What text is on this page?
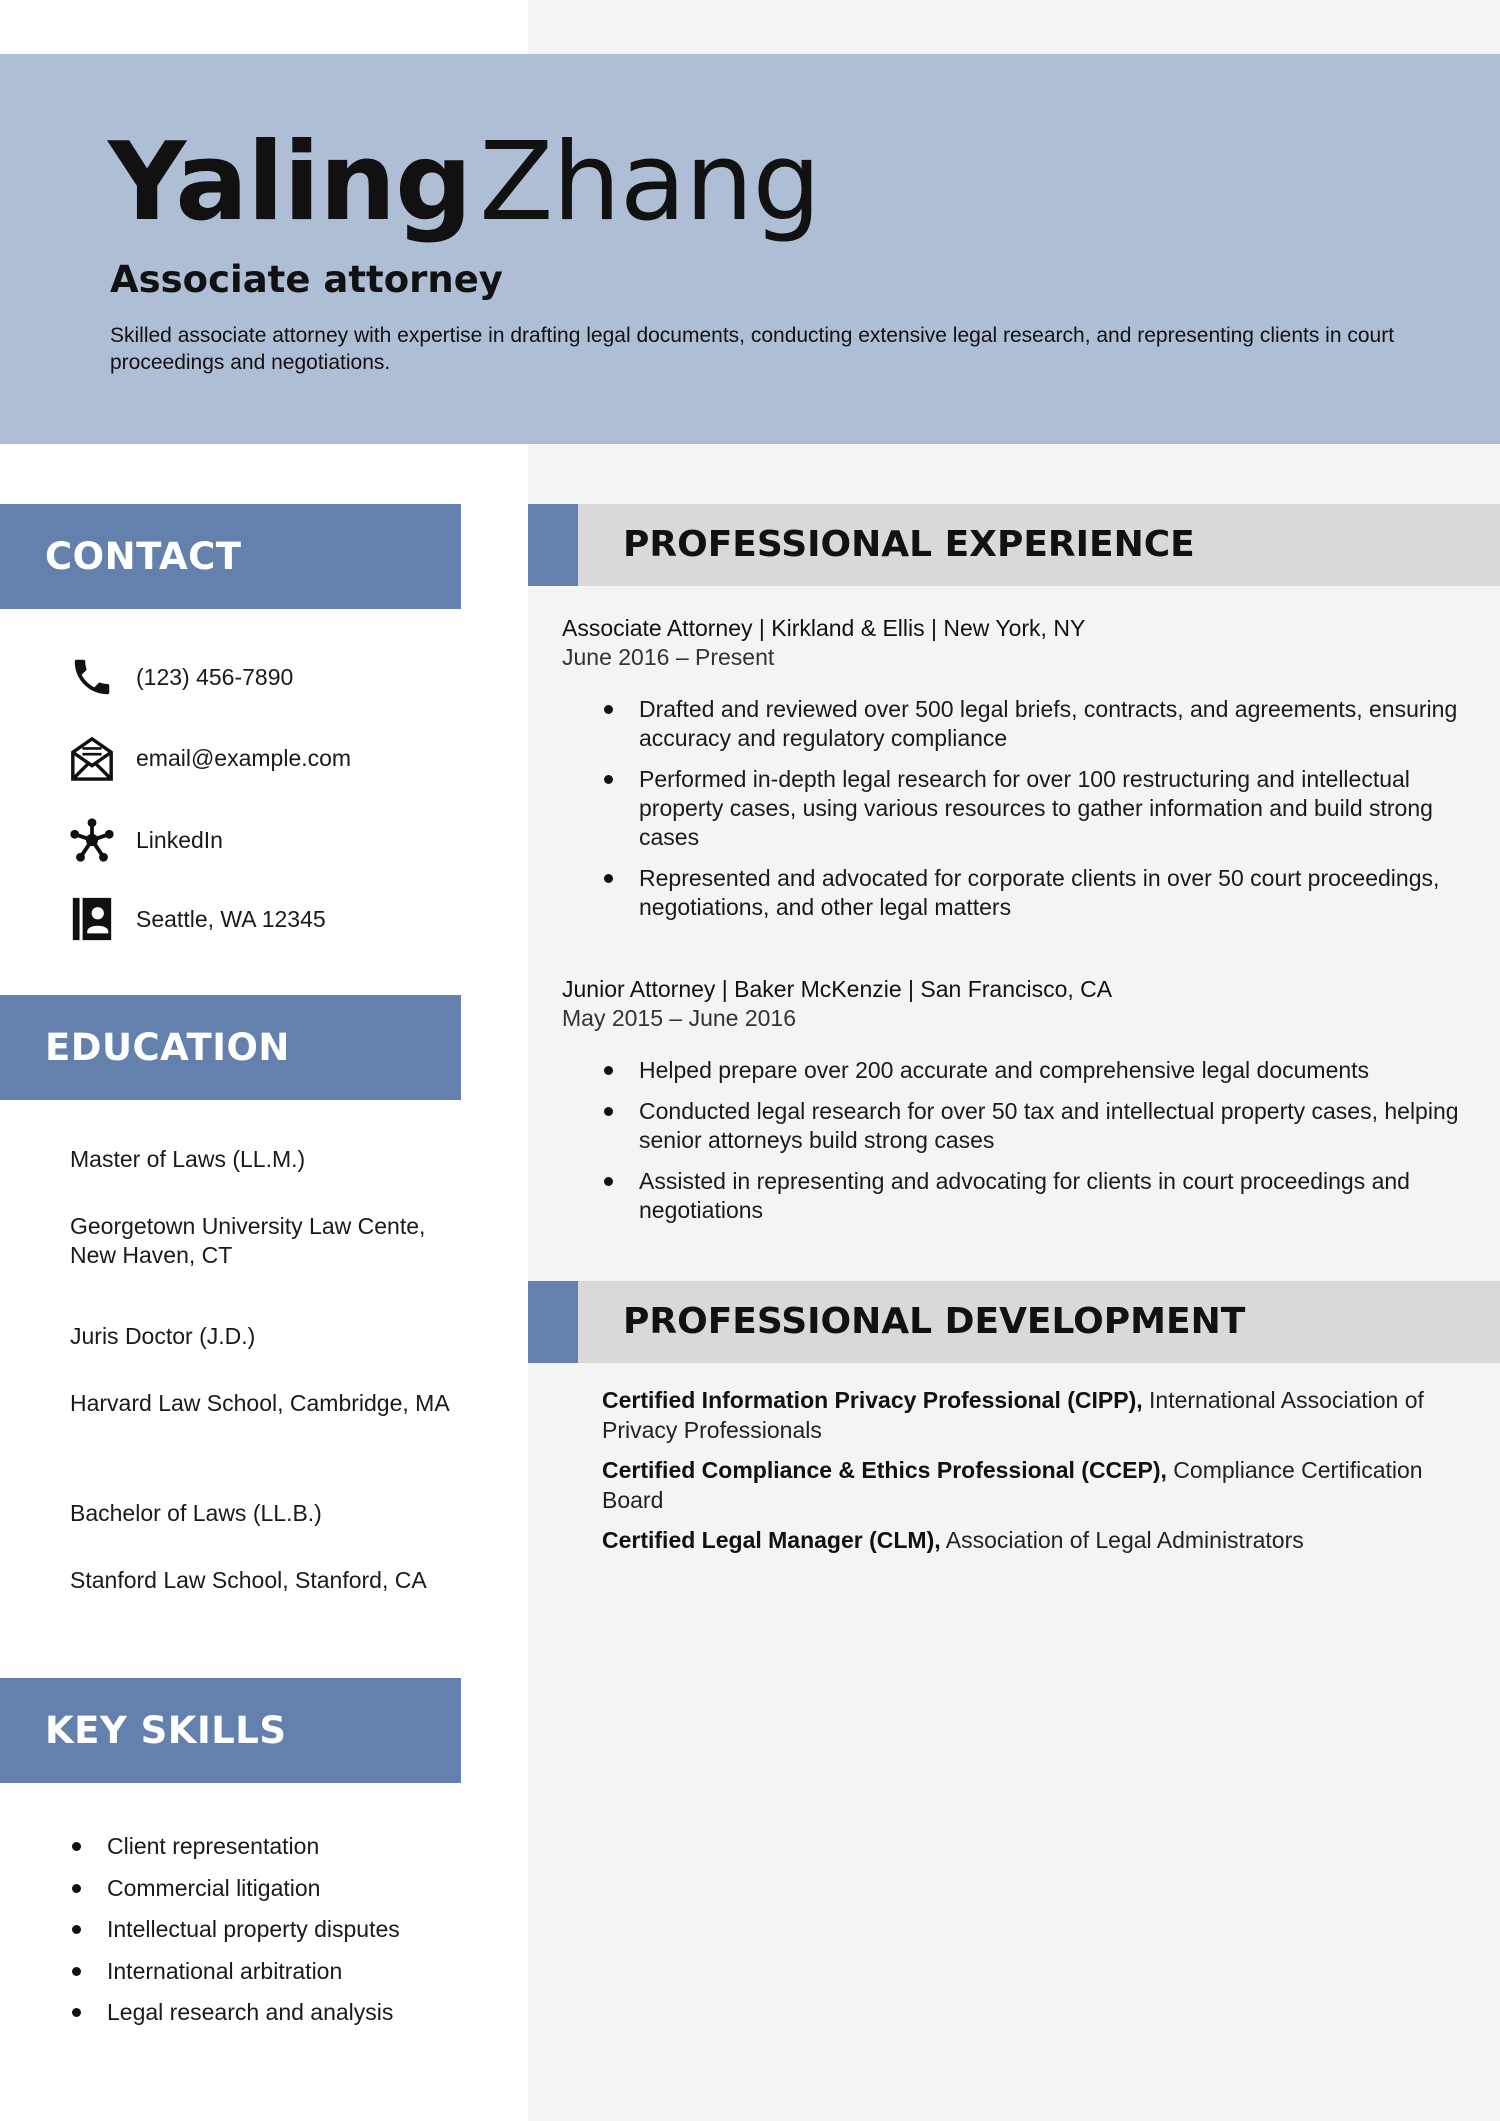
YalingZhang
Associate attorney
Skilled associate attorney with expertise in drafting legal documents, conducting extensive legal research, and representing clients in court proceedings and negotiations.
CONTACT
(123) 456-7890
email@example.com
LinkedIn
Seattle, WA 12345
EDUCATION
Master of Laws (LL.M.)
Georgetown University Law Cente, New Haven, CT
Juris Doctor (J.D.)
Harvard Law School, Cambridge, MA
Bachelor of Laws (LL.B.)
Stanford Law School, Stanford, CA
KEY SKILLS
Client representation
Commercial litigation
Intellectual property disputes
International arbitration
Legal research and analysis
PROFESSIONAL EXPERIENCE
Associate Attorney | Kirkland & Ellis | New York, NY
June 2016 – Present
Drafted and reviewed over 500 legal briefs, contracts, and agreements, ensuring accuracy and regulatory compliance
Performed in-depth legal research for over 100 restructuring and intellectual property cases, using various resources to gather information and build strong cases
Represented and advocated for corporate clients in over 50 court proceedings, negotiations, and other legal matters
Junior Attorney | Baker McKenzie | San Francisco, CA
May 2015 – June 2016
Helped prepare over 200 accurate and comprehensive legal documents
Conducted legal research for over 50 tax and intellectual property cases, helping senior attorneys build strong cases
Assisted in representing and advocating for clients in court proceedings and negotiations
PROFESSIONAL DEVELOPMENT

Certified Information Privacy Professional (CIPP), International Association of Privacy Professionals

Certified Compliance & Ethics Professional (CCEP), Compliance Certification Board

Certified Legal Manager (CLM), Association of Legal Administrators
